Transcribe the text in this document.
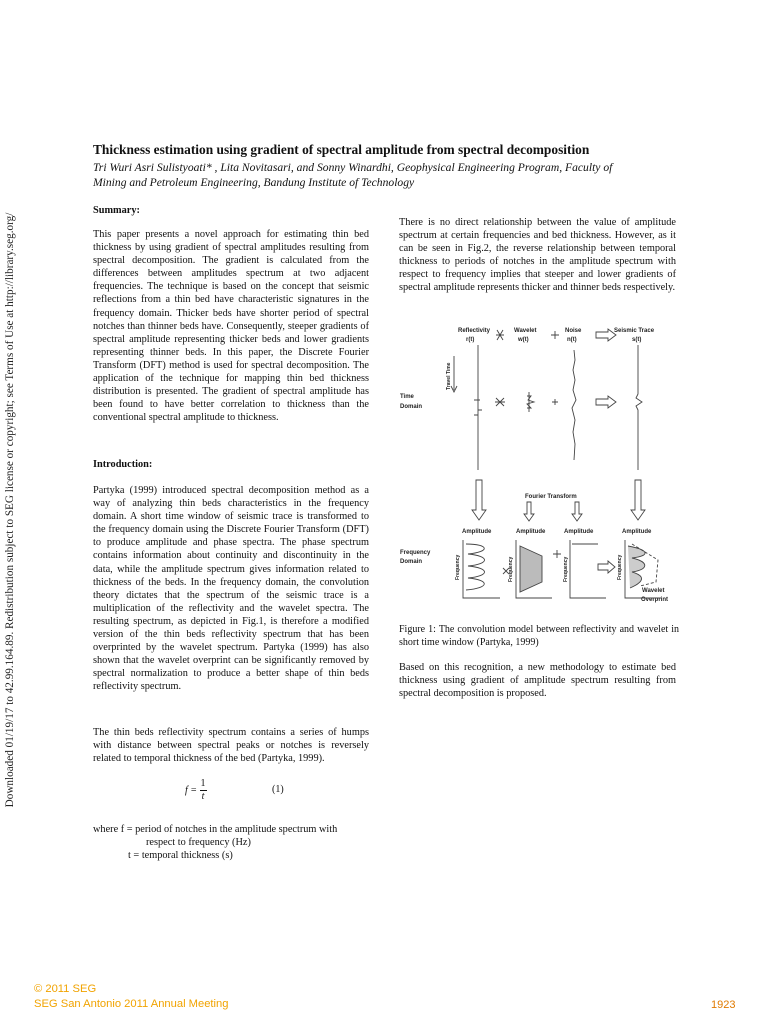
Downloaded 01/19/17 to 42.99.164.89. Redistribution subject to SEG license or copyright; see Terms of Use at http://library.seg.org/
Thickness estimation using gradient of spectral amplitude from spectral decomposition
Tri Wuri Asri Sulistyoati* , Lita Novitasari, and Sonny Winardhi, Geophysical Engineering Program, Faculty of
Mining and Petroleum Engineering, Bandung Institute of Technology
Summary:
This paper presents a novel approach for estimating thin bed thickness by using gradient of spectral amplitudes resulting from spectral decomposition. The gradient is calculated from the differences between amplitudes spectrum at two adjacent frequencies. The technique is based on the concept that seismic reflections from a thin bed have characteristic signatures in the frequency domain. Thicker beds have shorter period of spectral notches than thinner beds have. Consequently, steeper gradients of spectral amplitude representing thicker beds and lower gradients representing thinner beds. In this paper, the Discrete Fourier Transform (DFT) method is used for spectral decomposition. The application of the technique for mapping thin bed thickness distribution is presented. The gradient of spectral amplitude has been found to have better correlation to thickness than the conventional spectral amplitude to thickness.
Introduction:
Partyka (1999) introduced spectral decomposition method as a way of analyzing thin beds characteristics in the frequency domain. A short time window of seismic trace is transformed to the frequency domain using the Discrete Fourier Transform (DFT) to produce amplitude and phase spectra. The phase spectrum contains information about continuity and discontinuity in the data, while the amplitude spectrum gives information related to thickness of the beds. In the frequency domain, the convolution theory dictates that the spectrum of the seismic trace is a multiplication of the reflectivity and the wavelet spectra. The resulting spectrum, as depicted in Fig.1, is therefore a modified version of the thin beds reflectivity spectrum that has been overprinted by the wavelet spectrum. Partyka (1999) has also shown that the wavelet overprint can be significantly removed by spectral normalization to produce a better shape of thin beds reflectivity spectrum.
The thin beds reflectivity spectrum contains a series of humps with distance between spectral peaks or notches is reversely related to temporal thickness of the bed (Partyka, 1999).
$f = \frac{1}{t}$	(1)
where f = period of notches in the amplitude spectrum with
respect to frequency (Hz)
t = temporal thickness (s)
There is no direct relationship between the value of amplitude spectrum at certain frequencies and bed thickness. However, as it can be seen in Fig.2, the reverse relationship between temporal thickness to periods of notches in the amplitude spectrum with respect to frequency implies that steeper and lower gradients of spectral amplitude represents thicker and thinner beds respectively.
Reflectivity
r(t)
Wavelet
w(t)
Noise
n(t)
Seismic Trace
s(t)
Time
Domain
Fourier Transform
Amplitude	Amplitude	Amplitude	Amplitude
Frequency
Domain
Wavelet
Overprint
Travel Time
Frequency	Frequency	Frequency	Frequency
Figure 1: The convolution model between reflectivity and wavelet in short time window (Partyka, 1999)
Based on this recognition, a new methodology to estimate bed thickness using gradient of amplitude spectrum resulting from spectral decomposition is proposed.
© 2011 SEG
SEG San Antonio 2011 Annual Meeting	1923
